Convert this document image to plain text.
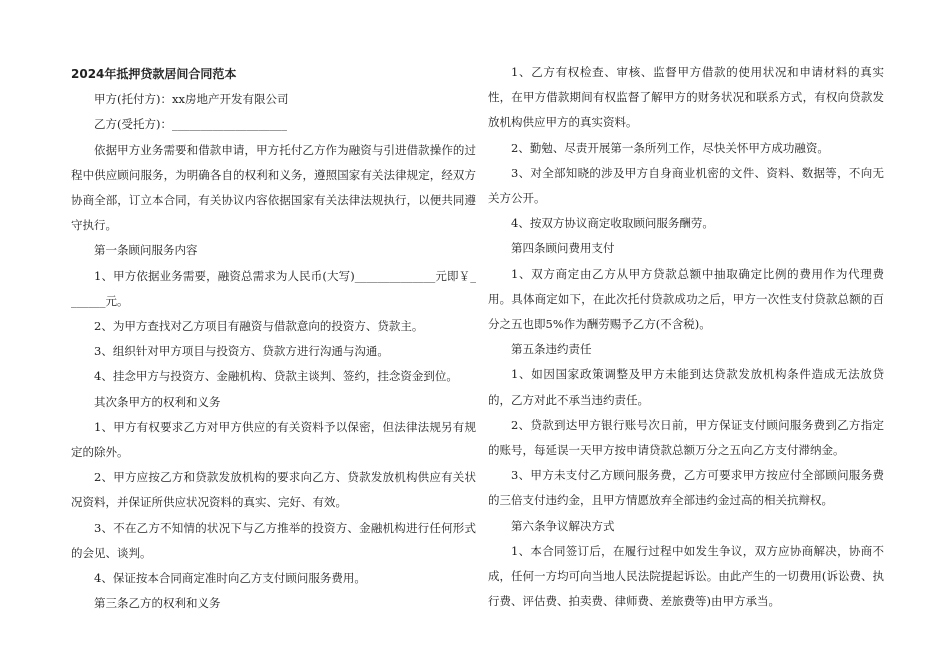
2024年抵押贷款居间合同范本

甲方(托付方)：xx房地产开发有限公司

乙方(受托方)：____________________

依据甲方业务需要和借款申请，甲方托付乙方作为融资与引进借款操作的过程中供应顾问服务，为明确各自的权利和义务，遵照国家有关法律规定，经双方协商全部，订立本合同，有关协议内容依据国家有关法律法规执行，以便共同遵守执行。

第一条顾问服务内容

1、甲方依据业务需要，融资总需求为人民币(大写)______________元即￥_______元。

2、为甲方查找对乙方项目有融资与借款意向的投资方、贷款主。

3、组织针对甲方项目与投资方、贷款方进行沟通与沟通。

4、挂念甲方与投资方、金融机构、贷款主谈判、签约，挂念资金到位。

其次条甲方的权利和义务

1、甲方有权要求乙方对甲方供应的有关资料予以保密，但法律法规另有规定的除外。

2、甲方应按乙方和贷款发放机构的要求向乙方、贷款发放机构供应有关状况资料，并保证所供应状况资料的真实、完好、有效。

3、不在乙方不知情的状况下与乙方推举的投资方、金融机构进行任何形式的会见、谈判。

4、保证按本合同商定准时向乙方支付顾问服务费用。

第三条乙方的权利和义务

1、乙方有权检查、审核、监督甲方借款的使用状况和申请材料的真实性，在甲方借款期间有权监督了解甲方的财务状况和联系方式，有权向贷款发放机构供应甲方的真实资料。

2、勤勉、尽责开展第一条所列工作，尽快关怀甲方成功融资。

3、对全部知晓的涉及甲方自身商业机密的文件、资料、数据等，不向无关方公开。

4、按双方协议商定收取顾问服务酬劳。

第四条顾问费用支付

1、双方商定由乙方从甲方贷款总额中抽取确定比例的费用作为代理费用。具体商定如下，在此次托付贷款成功之后，甲方一次性支付贷款总额的百分之五也即5%作为酬劳赐予乙方(不含税)。

第五条违约责任

1、如因国家政策调整及甲方未能到达贷款发放机构条件造成无法放贷的，乙方对此不承当违约责任。

2、贷款到达甲方银行账号次日前，甲方保证支付顾问服务费到乙方指定的账号，每延误一天甲方按申请贷款总额万分之五向乙方支付滞纳金。

3、甲方未支付乙方顾问服务费，乙方可要求甲方按应付全部顾问服务费的三倍支付违约金，且甲方情愿放弃全部违约金过高的相关抗辩权。

第六条争议解决方式

1、本合同签订后，在履行过程中如发生争议，双方应协商解决，协商不成，任何一方均可向当地人民法院提起诉讼。由此产生的一切费用(诉讼费、执行费、评估费、拍卖费、律师费、差旅费等)由甲方承当。
